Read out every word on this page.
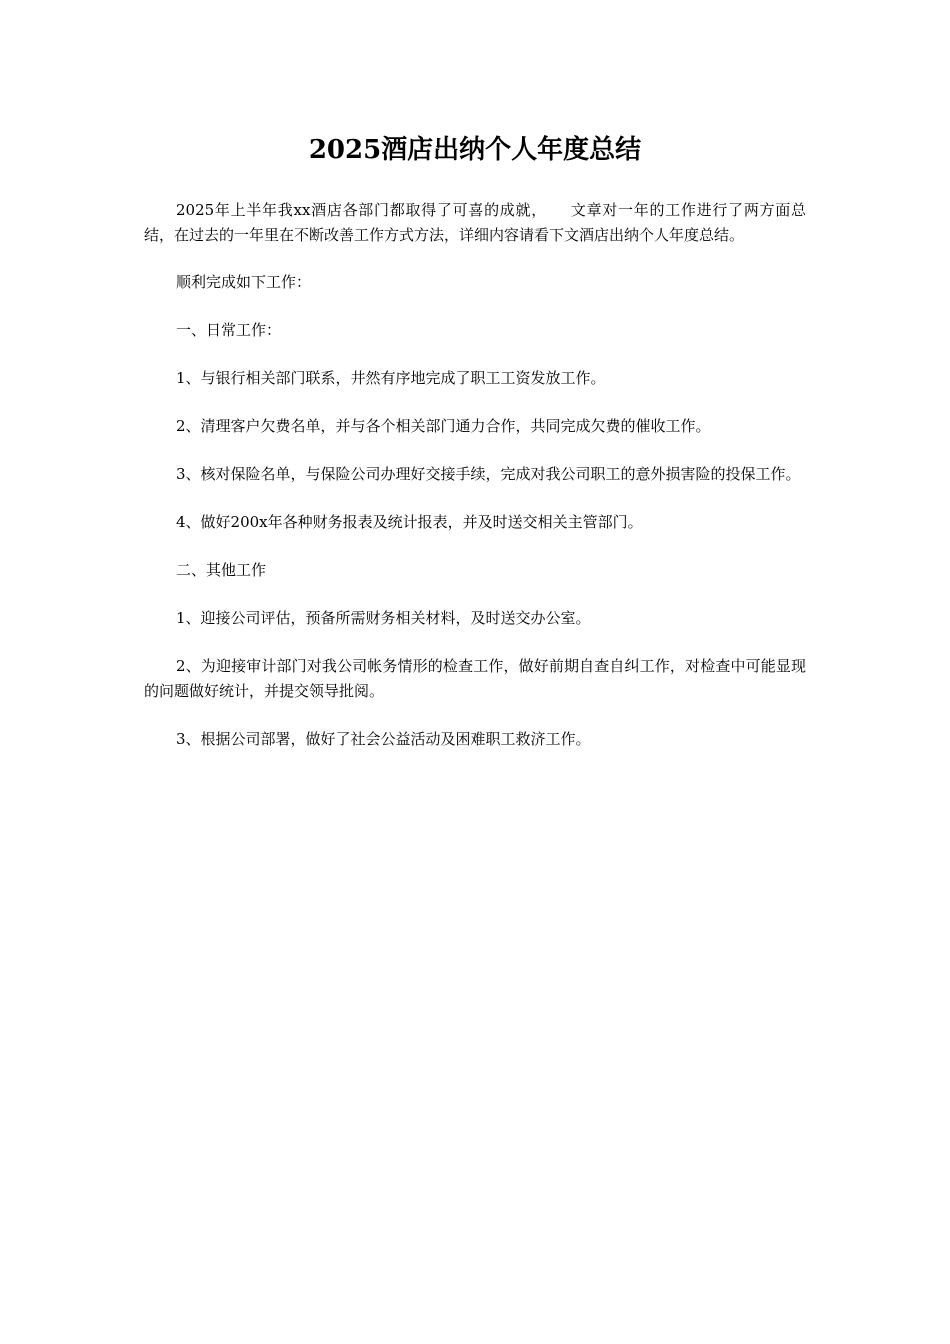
2025酒店出纳个人年度总结

2025年上半年我xx酒店各部门都取得了可喜的成就，　　文章对一年的工作进行了两方面总结，在过去的一年里在不断改善工作方式方法，详细内容请看下文酒店出纳个人年度总结。

顺利完成如下工作：

一、日常工作：

1、与银行相关部门联系，井然有序地完成了职工工资发放工作。

2、清理客户欠费名单，并与各个相关部门通力合作，共同完成欠费的催收工作。

3、核对保险名单，与保险公司办理好交接手续，完成对我公司职工的意外损害险的投保工作。

4、做好200x年各种财务报表及统计报表，并及时送交相关主管部门。

二、其他工作

1、迎接公司评估，预备所需财务相关材料，及时送交办公室。

2、为迎接审计部门对我公司帐务情形的检查工作，做好前期自查自纠工作，对检查中可能显现的问题做好统计，并提交领导批阅。

3、根据公司部署，做好了社会公益活动及困难职工救济工作。
